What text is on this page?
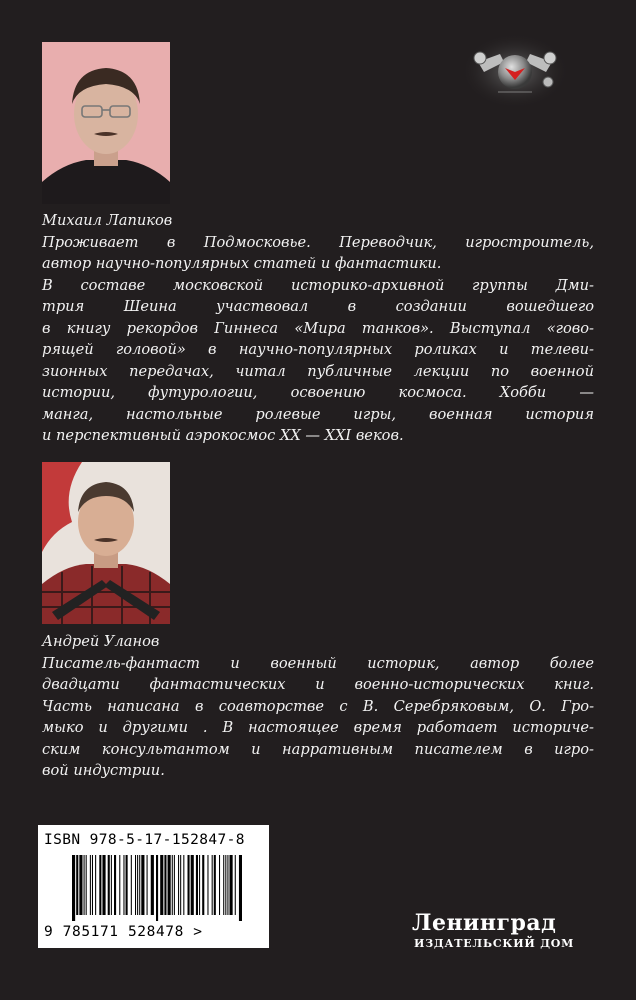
Михаил Лапиков
Проживает в Подмосковье. Переводчик, игростроитель,
автор научно-популярных статей и фантастики.
В составе московской историко-архивной группы Дми-
трия Шеина участвовал в создании вошедшего
в книгу рекордов Гиннеса «Мира танков». Выступал «гово-
рящей головой» в научно-популярных роликах и телеви-
зионных передачах, читал публичные лекции по военной
истории, футурологии, освоению космоса. Хобби —
манга, настольные ролевые игры, военная история
и перспективный аэрокосмос XX — XXI веков.
Андрей Уланов
Писатель-фантаст и военный историк, автор более
двадцати фантастических и военно-исторических книг.
Часть написана в соавторстве с В. Серебряковым, О. Гро-
мыко и другими . В настоящее время работает историче-
ским консультантом и нарративным писателем в игро-
вой индустрии.
ISBN 978-5-17-152847-8
9 785171 528478 >	Ленинград
ИЗДАТЕЛЬСКИЙ ДОМ
